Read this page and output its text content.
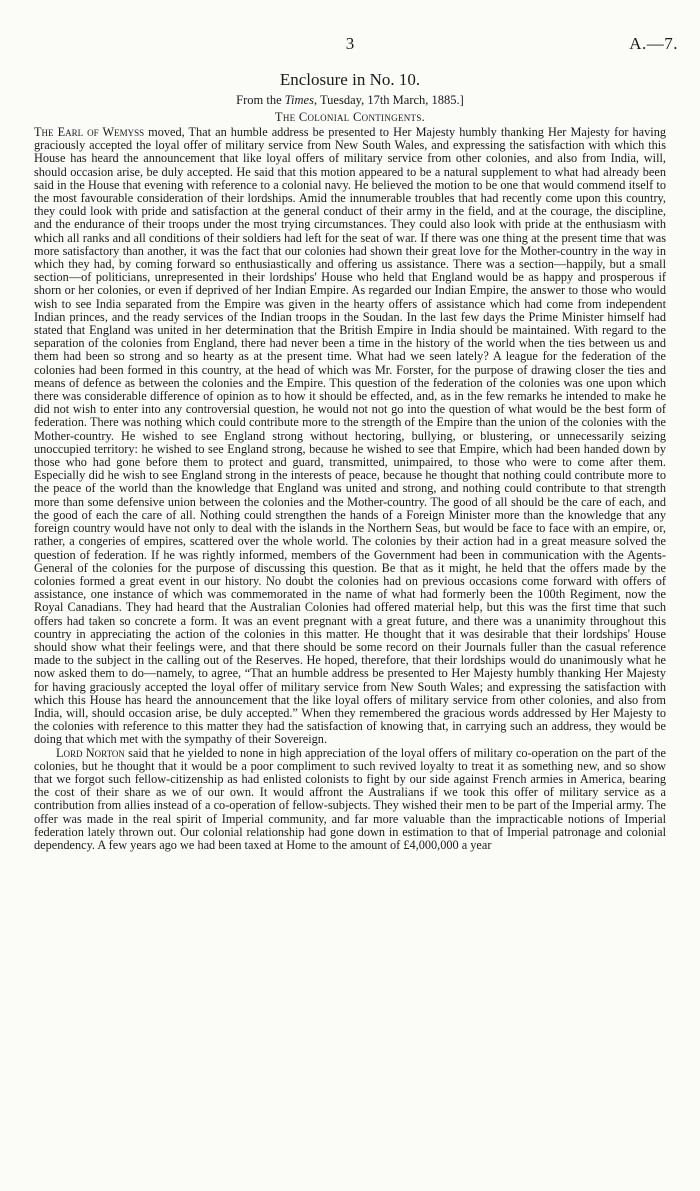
3	A.—7.
Enclosure in No. 10.
From the Times, Tuesday, 17th March, 1885.]
The Colonial Contingents.

The Earl of Wemyss moved, That an humble address be presented to Her Majesty humbly thanking Her Majesty for having graciously accepted the loyal offer of military service from New South Wales, and expressing the satisfaction with which this House has heard the announcement that like loyal offers of military service from other colonies, and also from India, will, should occasion arise, be duly accepted. He said that this motion appeared to be a natural supplement to what had already been said in the House that evening with reference to a colonial navy. He believed the motion to be one that would commend itself to the most favourable consideration of their lordships. Amid the innumerable troubles that had recently come upon this country, they could look with pride and satisfaction at the general conduct of their army in the field, and at the courage, the discipline, and the endurance of their troops under the most trying circumstances. They could also look with pride at the enthusiasm with which all ranks and all conditions of their soldiers had left for the seat of war. If there was one thing at the present time that was more satisfactory than another, it was the fact that our colonies had shown their great love for the Mother-country in the way in which they had, by coming forward so enthusiastically and offering us assistance. There was a section—happily, but a small section—of politicians, unrepresented in their lordships' House who held that England would be as happy and prosperous if shorn or her colonies, or even if deprived of her Indian Empire. As regarded our Indian Empire, the answer to those who would wish to see India separated from the Empire was given in the hearty offers of assistance which had come from independent Indian princes, and the ready services of the Indian troops in the Soudan. In the last few days the Prime Minister himself had stated that England was united in her determination that the British Empire in India should be maintained. With regard to the separation of the colonies from England, there had never been a time in the history of the world when the ties between us and them had been so strong and so hearty as at the present time. What had we seen lately? A league for the federation of the colonies had been formed in this country, at the head of which was Mr. Forster, for the purpose of drawing closer the ties and means of defence as between the colonies and the Empire. This question of the federation of the colonies was one upon which there was considerable difference of opinion as to how it should be effected, and, as in the few remarks he intended to make he did not wish to enter into any controversial question, he would not not go into the question of what would be the best form of federation. There was nothing which could contribute more to the strength of the Empire than the union of the colonies with the Mother-country. He wished to see England strong without hectoring, bullying, or blustering, or unnecessarily seizing unoccupied territory: he wished to see England strong, because he wished to see that Empire, which had been handed down by those who had gone before them to protect and guard, transmitted, unimpaired, to those who were to come after them. Especially did he wish to see England strong in the interests of peace, because he thought that nothing could contribute more to the peace of the world than the knowledge that England was united and strong, and nothing could contribute to that strength more than some defensive union between the colonies and the Mother-country. The good of all should be the care of each, and the good of each the care of all. Nothing could strengthen the hands of a Foreign Minister more than the knowledge that any foreign country would have not only to deal with the islands in the Northern Seas, but would be face to face with an empire, or, rather, a congeries of empires, scattered over the whole world. The colonies by their action had in a great measure solved the question of federation. If he was rightly informed, members of the Government had been in communication with the Agents-General of the colonies for the purpose of discussing this question. Be that as it might, he held that the offers made by the colonies formed a great event in our history. No doubt the colonies had on previous occasions come forward with offers of assistance, one instance of which was commemorated in the name of what had formerly been the 100th Regiment, now the Royal Canadians. They had heard that the Australian Colonies had offered material help, but this was the first time that such offers had taken so concrete a form. It was an event pregnant with a great future, and there was a unanimity throughout this country in appreciating the action of the colonies in this matter. He thought that it was desirable that their lordships' House should show what their feelings were, and that there should be some record on their Journals fuller than the casual reference made to the subject in the calling out of the Reserves. He hoped, therefore, that their lordships would do unanimously what he now asked them to do—namely, to agree, “That an humble address be presented to Her Majesty humbly thanking Her Majesty for having graciously accepted the loyal offer of military service from New South Wales; and expressing the satisfaction with which this House has heard the announcement that the like loyal offers of military service from other colonies, and also from India, will, should occasion arise, be duly accepted.” When they remembered the gracious words addressed by Her Majesty to the colonies with reference to this matter they had the satisfaction of knowing that, in carrying such an address, they would be doing that which met with the sympathy of their Sovereign.

Lord Norton said that he yielded to none in high appreciation of the loyal offers of military co-operation on the part of the colonies, but he thought that it would be a poor compliment to such revived loyalty to treat it as something new, and so show that we forgot such fellow-citizenship as had enlisted colonists to fight by our side against French armies in America, bearing the cost of their share as we of our own. It would affront the Australians if we took this offer of military service as a contribution from allies instead of a co-operation of fellow-subjects. They wished their men to be part of the Imperial army. The offer was made in the real spirit of Imperial community, and far more valuable than the impracticable notions of Imperial federation lately thrown out. Our colonial relationship had gone down in estimation to that of Imperial patronage and colonial dependency. A few years ago we had been taxed at Home to the amount of £4,000,000 a year
